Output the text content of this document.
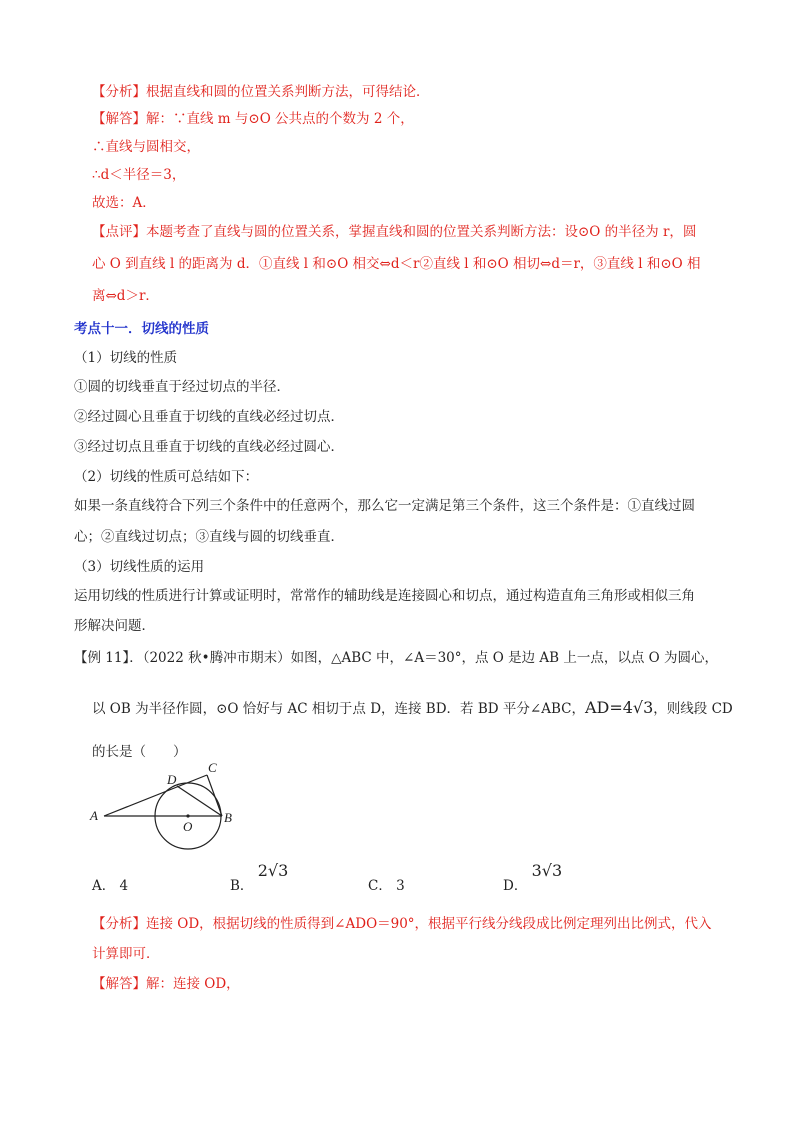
【分析】根据直线和圆的位置关系判断方法，可得结论．
【解答】解：∵直线 m 与⊙O 公共点的个数为 2 个，
∴直线与圆相交，
∴d＜半径＝3，
故选：A．
【点评】本题考查了直线与圆的位置关系，掌握直线和圆的位置关系判断方法：设⊙O 的半径为 r，圆
心 O 到直线 l 的距离为 d．①直线 l 和⊙O 相交⇔d＜r②直线 l 和⊙O 相切⇔d＝r，③直线 l 和⊙O 相
离⇔d＞r．
考点十一．切线的性质
（1）切线的性质
①圆的切线垂直于经过切点的半径．
②经过圆心且垂直于切线的直线必经过切点．
③经过切点且垂直于切线的直线必经过圆心．
（2）切线的性质可总结如下：
如果一条直线符合下列三个条件中的任意两个，那么它一定满足第三个条件，这三个条件是：①直线过圆
心；②直线过切点；③直线与圆的切线垂直．
（3）切线性质的运用
运用切线的性质进行计算或证明时，常常作的辅助线是连接圆心和切点，通过构造直角三角形或相似三角
形解决问题．
【例 11】．（2022 秋•腾冲市期末）如图，△ABC 中，∠A＝30°，点 O 是边 AB 上一点，以点 O 为圆心，
以 OB 为半径作圆，⊙O 恰好与 AC 相切于点 D，连接 BD．若 BD 平分∠ABC，AD=4√3，则线段 CD
的长是（　　）
A	B
C
D
O
A． 4	B． 2√3
C． 3	D． 3√3
【分析】连接 OD，根据切线的性质得到∠ADO＝90°，根据平行线分线段成比例定理列出比例式，代入
计算即可．
【解答】解：连接 OD，
